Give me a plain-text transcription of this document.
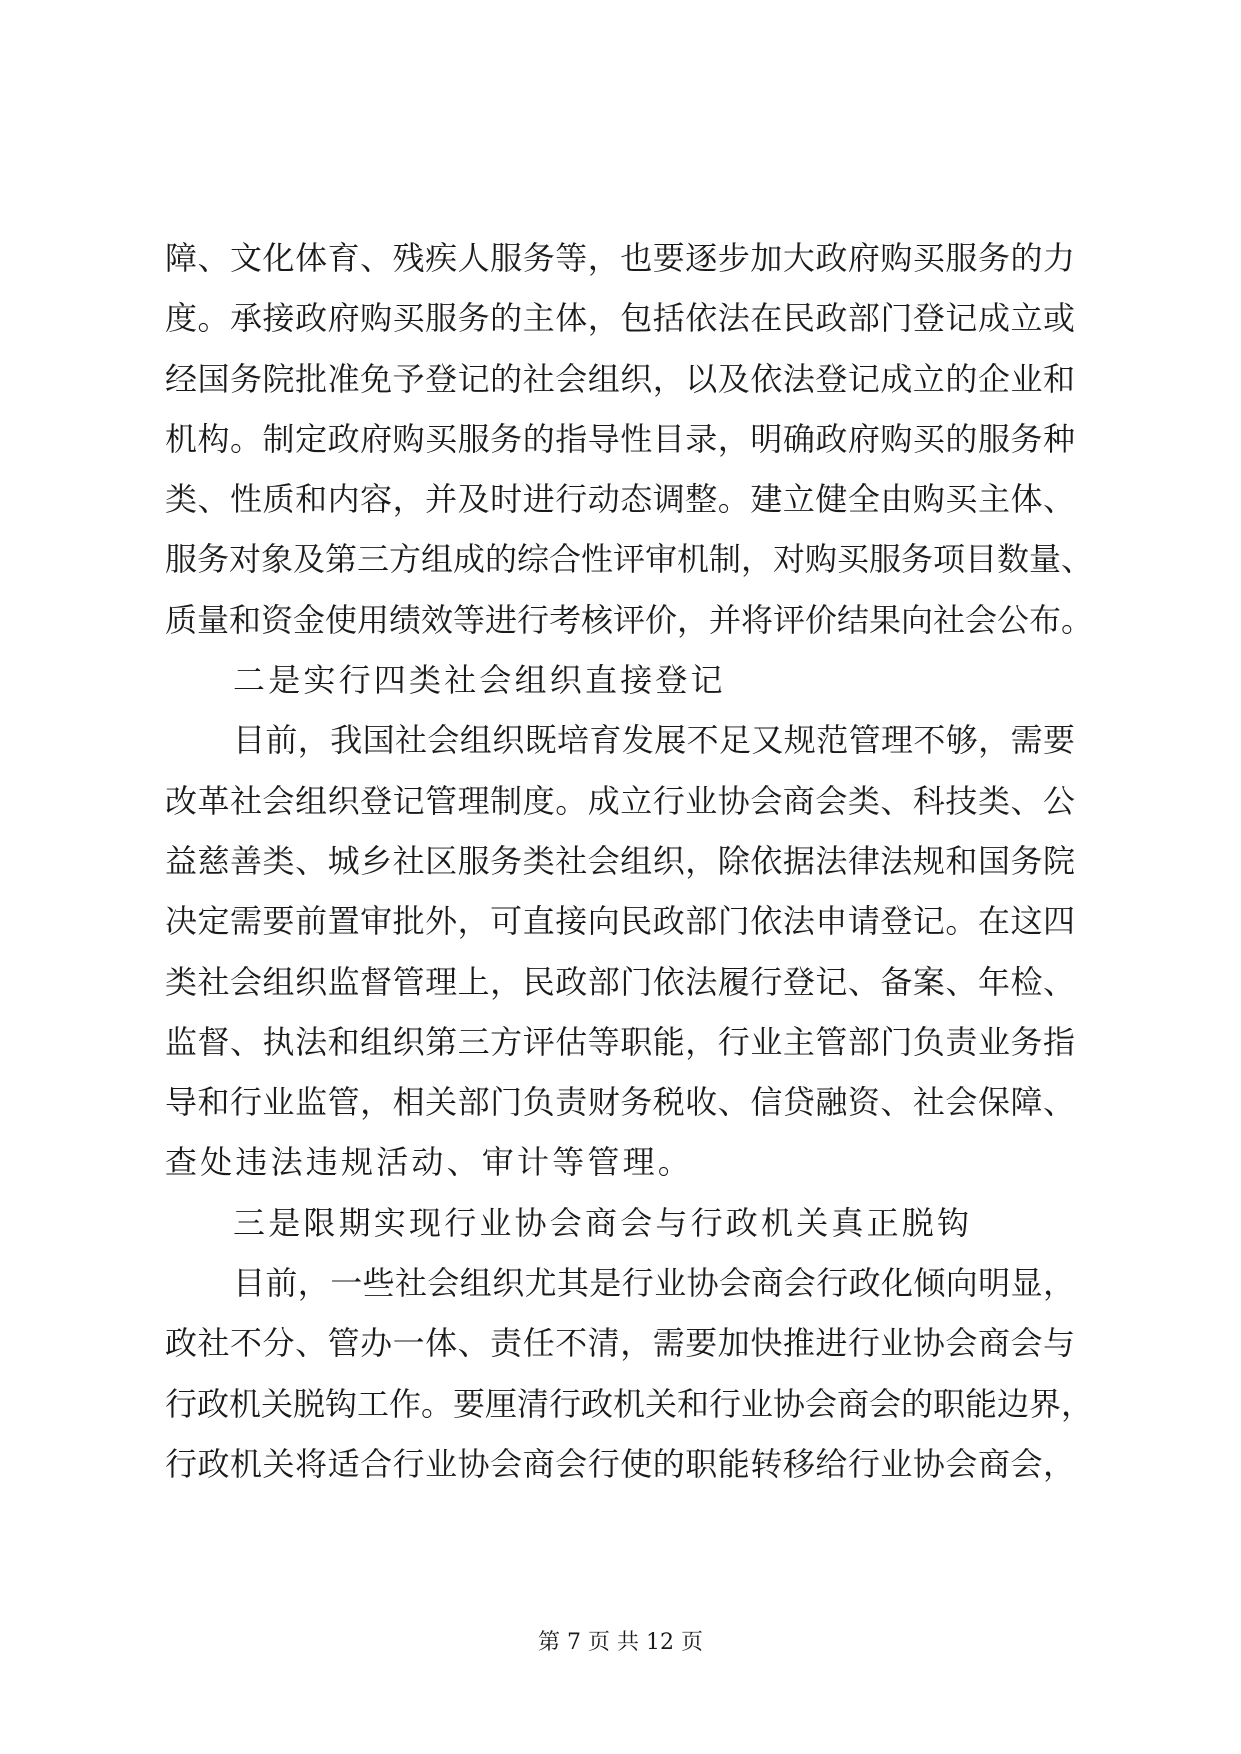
障、文化体育、残疾人服务等，也要逐步加大政府购买服务的力
度。承接政府购买服务的主体，包括依法在民政部门登记成立或
经国务院批准免予登记的社会组织，以及依法登记成立的企业和
机构。制定政府购买服务的指导性目录，明确政府购买的服务种
类、性质和内容，并及时进行动态调整。建立健全由购买主体、
服务对象及第三方组成的综合性评审机制，对购买服务项目数量、
质量和资金使用绩效等进行考核评价，并将评价结果向社会公布。
二是实行四类社会组织直接登记
目前，我国社会组织既培育发展不足又规范管理不够，需要
改革社会组织登记管理制度。成立行业协会商会类、科技类、公
益慈善类、城乡社区服务类社会组织，除依据法律法规和国务院
决定需要前置审批外，可直接向民政部门依法申请登记。在这四
类社会组织监督管理上，民政部门依法履行登记、备案、年检、
监督、执法和组织第三方评估等职能，行业主管部门负责业务指
导和行业监管，相关部门负责财务税收、信贷融资、社会保障、
查处违法违规活动、审计等管理。
三是限期实现行业协会商会与行政机关真正脱钩
目前，一些社会组织尤其是行业协会商会行政化倾向明显，
政社不分、管办一体、责任不清，需要加快推进行业协会商会与
行政机关脱钩工作。要厘清行政机关和行业协会商会的职能边界，
行政机关将适合行业协会商会行使的职能转移给行业协会商会，
第 7 页 共 12 页
